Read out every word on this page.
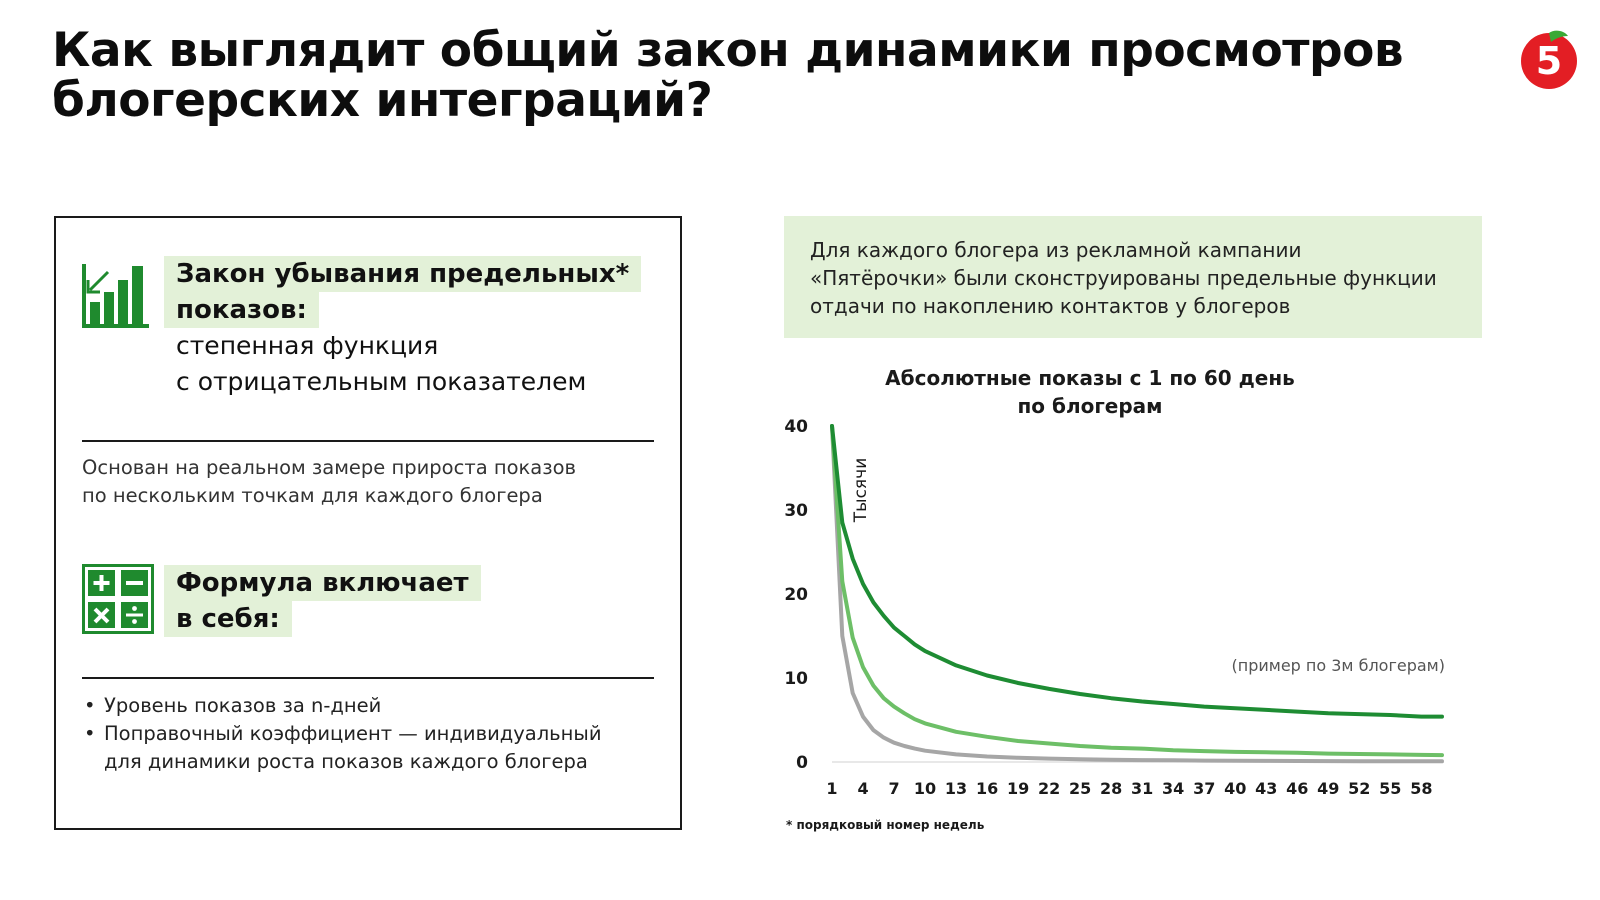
Как выглядит общий закон динамики просмотров блогерских интеграций?
5
Закон убывания предельных*
показов:
степенная функция
с отрицательным показателем
Основан на реальном замере прироста показов
по нескольким точкам для каждого блогера
Формула включает
в себя:
• Уровень показов за n-дней
• Поправочный коэффициент — индивидуальный
для динамики роста показов каждого блогера
Для каждого блогера из рекламной кампании
«Пятёрочки» были сконструированы предельные функции
отдачи по накоплению контактов у блогеров
Абсолютные показы с 1 по 60 день
по блогерам
0
10
20
30
40
1 4 7 10 13 16 19 22 25 28 31 34 37 40 43 46 49 52 55 58
Тысячи
(пример по 3м блогерам)
* порядковый номер недель
